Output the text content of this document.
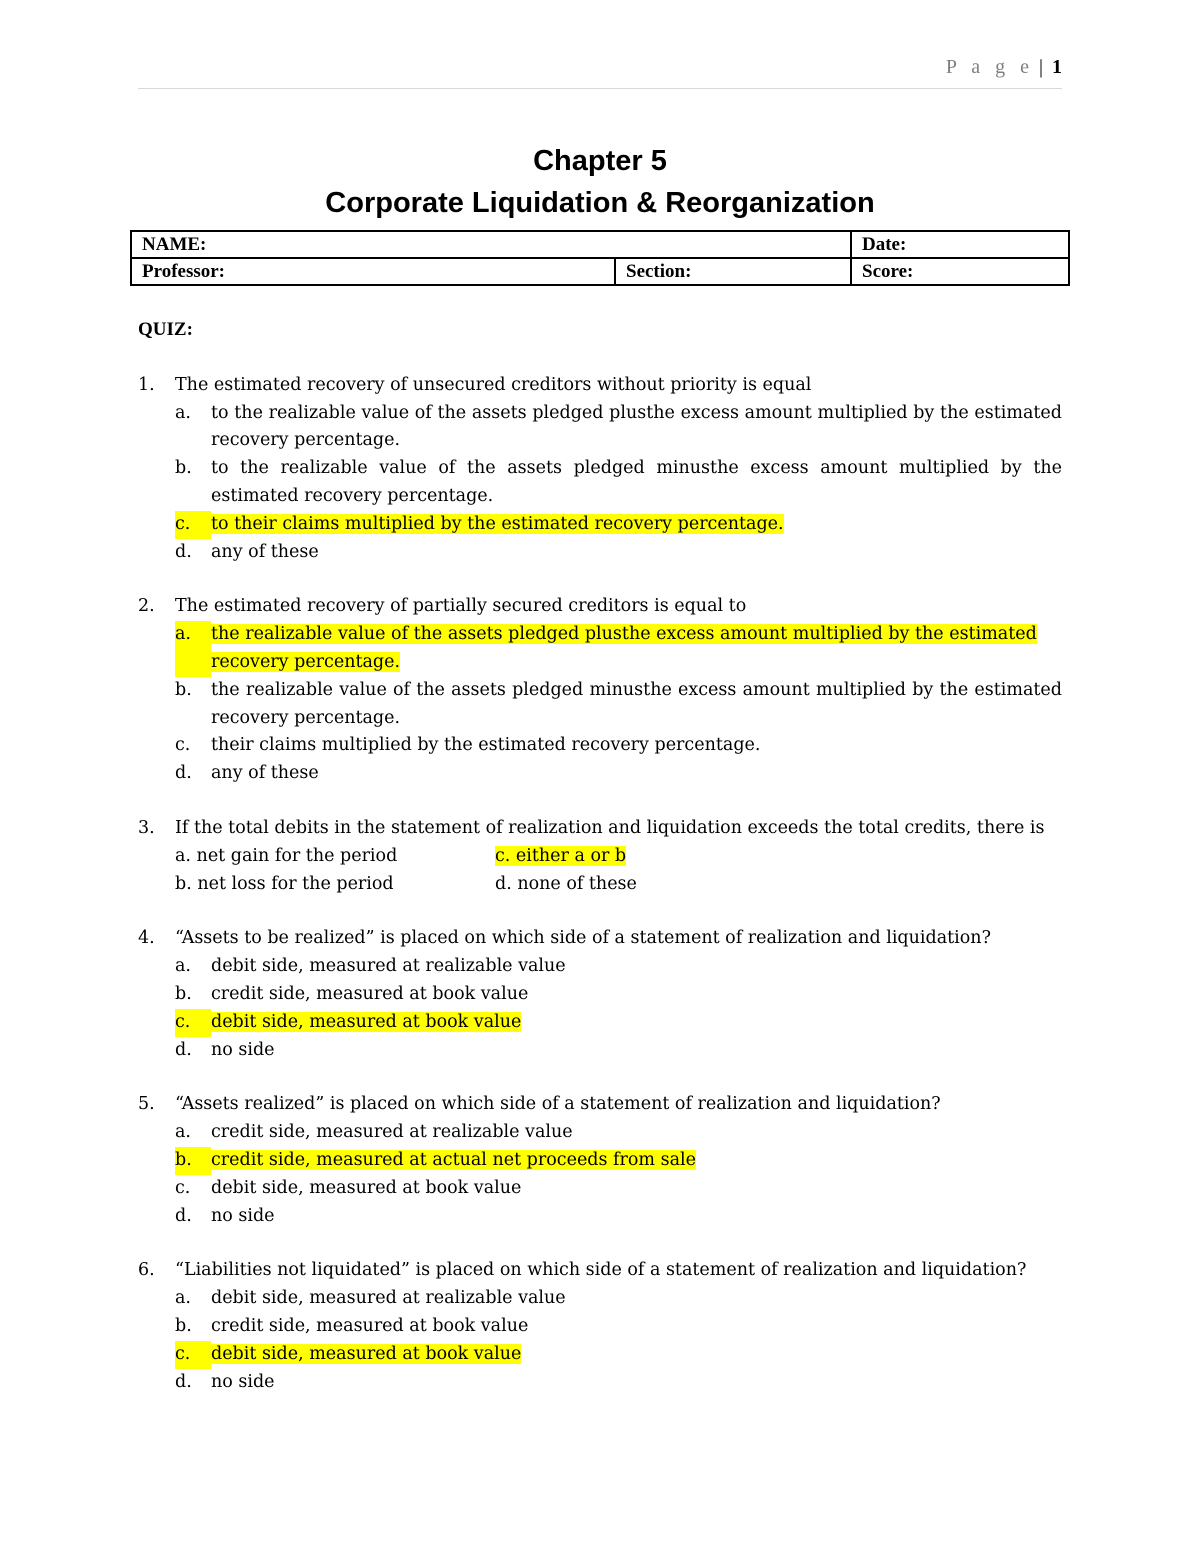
P a g e | 1
Chapter 5
Corporate Liquidation & Reorganization
NAME:		Date:
Professor:	Section:	Score:
QUIZ:
1.	The estimated recovery of unsecured creditors without priority is equal
a.	to the realizable value of the assets pledged plusthe excess amount multiplied by the estimated recovery percentage.
b.	to the realizable value of the assets pledged minusthe excess amount multiplied by the estimated recovery percentage.
c.	to their claims multiplied by the estimated recovery percentage.
d.	any of these
2.	The estimated recovery of partially secured creditors is equal to
a.	the realizable value of the assets pledged plusthe excess amount multiplied by the estimated recovery percentage.
b.	the realizable value of the assets pledged minusthe excess amount multiplied by the estimated recovery percentage.
c.	their claims multiplied by the estimated recovery percentage.
d.	any of these
3.	If the total debits in the statement of realization and liquidation exceeds the total credits, there is
a. net gain for the period	c. either a or b
b. net loss for the period	d. none of these
4.	“Assets to be realized” is placed on which side of a statement of realization and liquidation?
a.	debit side, measured at realizable value
b.	credit side, measured at book value
c.	debit side, measured at book value
d.	no side
5.	“Assets realized” is placed on which side of a statement of realization and liquidation?
a.	credit side, measured at realizable value
b.	credit side, measured at actual net proceeds from sale
c.	debit side, measured at book value
d.	no side
6.	“Liabilities not liquidated” is placed on which side of a statement of realization and liquidation?
a.	debit side, measured at realizable value
b.	credit side, measured at book value
c.	debit side, measured at book value
d.	no side
